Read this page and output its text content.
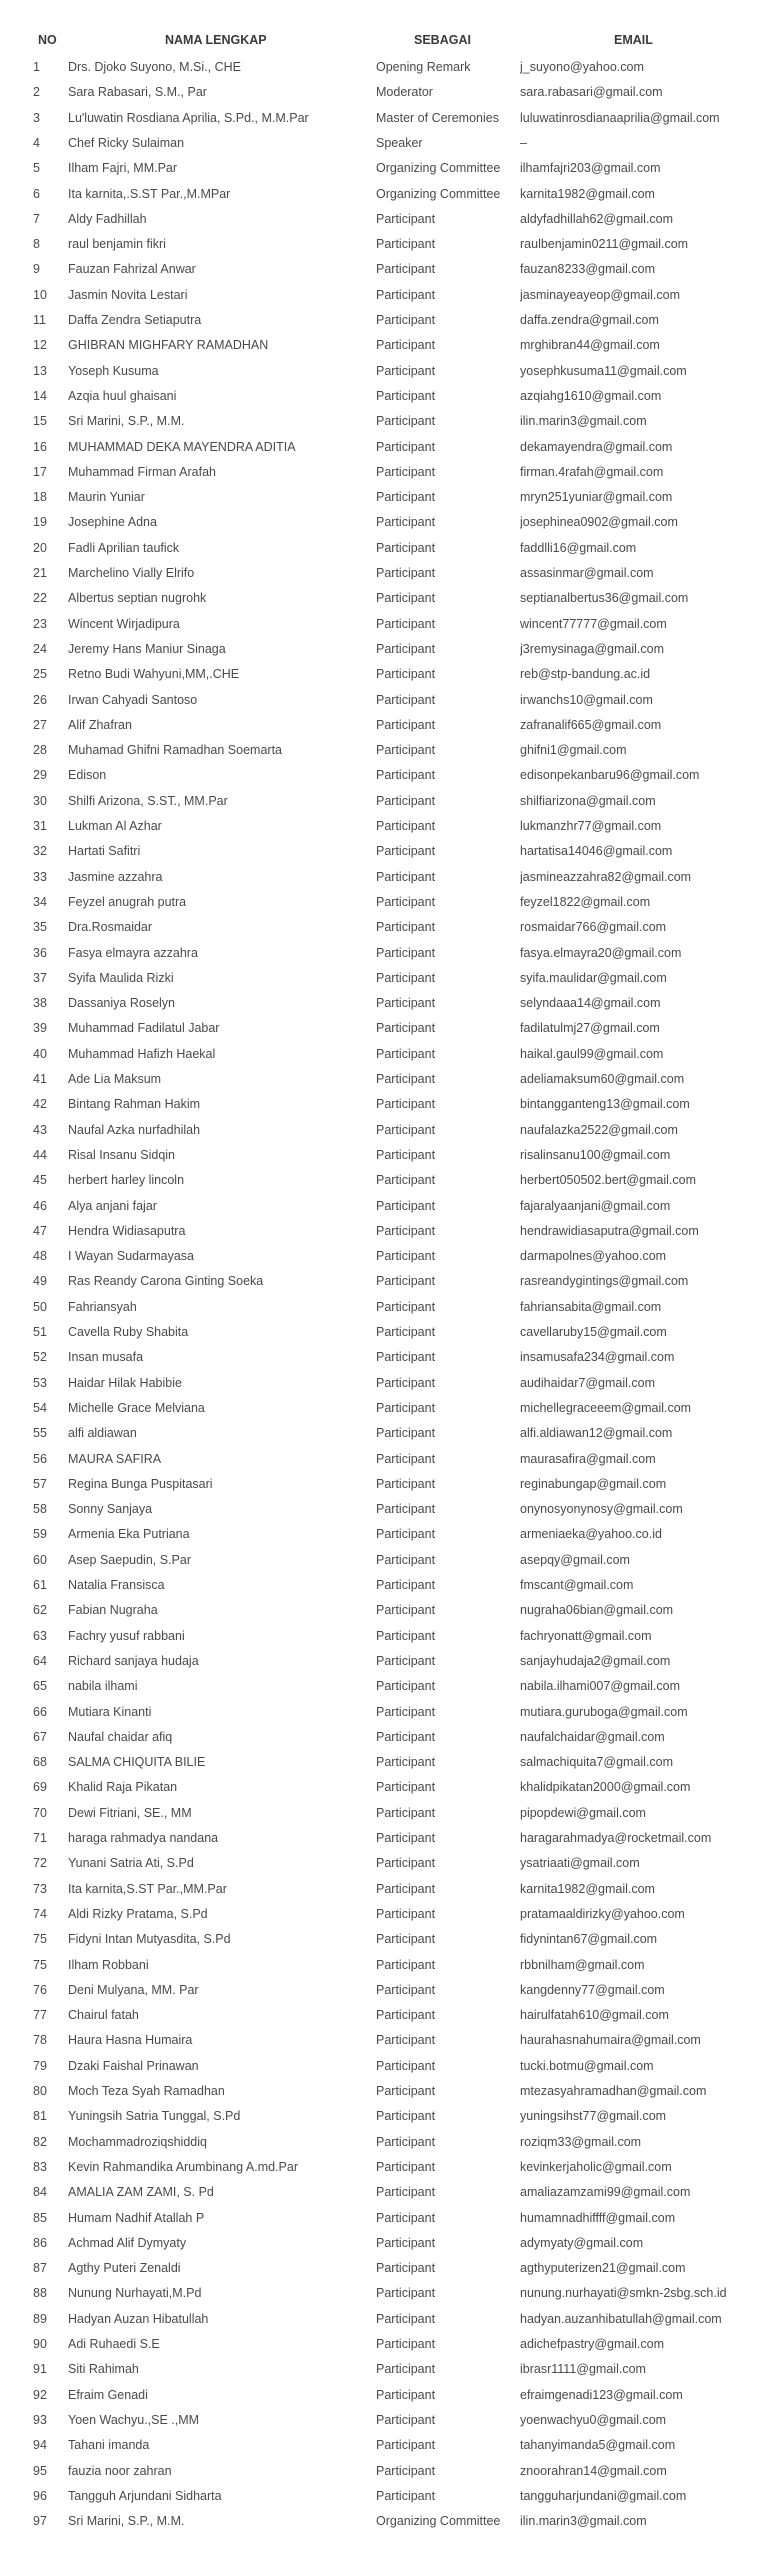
NO	NAMA LENGKAP	SEBAGAI	EMAIL
1	Drs. Djoko Suyono, M.Si., CHE	Opening Remark	j_suyono@yahoo.com
2	Sara Rabasari, S.M., Par	Moderator	sara.rabasari@gmail.com
3	Lu'luwatin Rosdiana Aprilia, S.Pd., M.M.Par	Master of Ceremonies	luluwatinrosdianaaprilia@gmail.com
4	Chef Ricky Sulaiman	Speaker	–
5	Ilham Fajri, MM.Par	Organizing Committee	ilhamfajri203@gmail.com
6	Ita karnita,.S.ST Par.,M.MPar	Organizing Committee	karnita1982@gmail.com
7	Aldy Fadhillah	Participant	aldyfadhillah62@gmail.com
8	raul benjamin fikri	Participant	raulbenjamin0211@gmail.com
9	Fauzan Fahrizal Anwar	Participant	fauzan8233@gmail.com
10	Jasmin Novita Lestari	Participant	jasminayeayeop@gmail.com
11	Daffa Zendra Setiaputra	Participant	daffa.zendra@gmail.com
12	GHIBRAN MIGHFARY RAMADHAN	Participant	mrghibran44@gmail.com
13	Yoseph Kusuma	Participant	yosephkusuma11@gmail.com
14	Azqia huul ghaisani	Participant	azqiahg1610@gmail.com
15	Sri Marini, S.P., M.M.	Participant	ilin.marin3@gmail.com
16	MUHAMMAD DEKA MAYENDRA ADITIA	Participant	dekamayendra@gmail.com
17	Muhammad Firman Arafah	Participant	firman.4rafah@gmail.com
18	Maurin Yuniar	Participant	mryn251yuniar@gmail.com
19	Josephine Adna	Participant	josephinea0902@gmail.com
20	Fadli Aprilian taufick	Participant	faddlli16@gmail.com
21	Marchelino Vially Elrifo	Participant	assasinmar@gmail.com
22	Albertus septian nugrohk	Participant	septianalbertus36@gmail.com
23	Wincent Wirjadipura	Participant	wincent77777@gmail.com
24	Jeremy Hans Maniur Sinaga	Participant	j3remysinaga@gmail.com
25	Retno Budi Wahyuni,MM,.CHE	Participant	reb@stp-bandung.ac.id
26	Irwan Cahyadi Santoso	Participant	irwanchs10@gmail.com
27	Alif Zhafran	Participant	zafranalif665@gmail.com
28	Muhamad Ghifni Ramadhan Soemarta	Participant	ghifni1@gmail.com
29	Edison	Participant	edisonpekanbaru96@gmail.com
30	Shilfi Arizona, S.ST., MM.Par	Participant	shilfiarizona@gmail.com
31	Lukman Al Azhar	Participant	lukmanzhr77@gmail.com
32	Hartati Safitri	Participant	hartatisa14046@gmail.com
33	Jasmine azzahra	Participant	jasmineazzahra82@gmail.com
34	Feyzel anugrah putra	Participant	feyzel1822@gmail.com
35	Dra.Rosmaidar	Participant	rosmaidar766@gmail.com
36	Fasya elmayra azzahra	Participant	fasya.elmayra20@gmail.com
37	Syifa Maulida Rizki	Participant	syifa.maulidar@gmail.com
38	Dassaniya Roselyn	Participant	selyndaaa14@gmail.com
39	Muhammad Fadilatul Jabar	Participant	fadilatulmj27@gmail.com
40	Muhammad Hafizh Haekal	Participant	haikal.gaul99@gmail.com
41	Ade Lia Maksum	Participant	adeliamaksum60@gmail.com
42	Bintang Rahman Hakim	Participant	bintangganteng13@gmail.com
43	Naufal Azka nurfadhilah	Participant	naufalazka2522@gmail.com
44	Risal Insanu Sidqin	Participant	risalinsanu100@gmail.com
45	herbert harley lincoln	Participant	herbert050502.bert@gmail.com
46	Alya anjani fajar	Participant	fajaralyaanjani@gmail.com
47	Hendra Widiasaputra	Participant	hendrawidiasaputra@gmail.com
48	I Wayan Sudarmayasa	Participant	darmapolnes@yahoo.com
49	Ras Reandy Carona Ginting Soeka	Participant	rasreandygintings@gmail.com
50	Fahriansyah	Participant	fahriansabita@gmail.com
51	Cavella Ruby Shabita	Participant	cavellaruby15@gmail.com
52	Insan musafa	Participant	insamusafa234@gmail.com
53	Haidar Hilak Habibie	Participant	audihaidar7@gmail.com
54	Michelle Grace Melviana	Participant	michellegraceeem@gmail.com
55	alfi aldiawan	Participant	alfi.aldiawan12@gmail.com
56	MAURA SAFIRA	Participant	maurasafira@gmail.com
57	Regina Bunga Puspitasari	Participant	reginabungap@gmail.com
58	Sonny Sanjaya	Participant	onynosyonynosy@gmail.com
59	Armenia Eka Putriana	Participant	armeniaeka@yahoo.co.id
60	Asep Saepudin, S.Par	Participant	asepqy@gmail.com
61	Natalia Fransisca	Participant	fmscant@gmail.com
62	Fabian Nugraha	Participant	nugraha06bian@gmail.com
63	Fachry yusuf rabbani	Participant	fachryonatt@gmail.com
64	Richard sanjaya hudaja	Participant	sanjayhudaja2@gmail.com
65	nabila ilhami	Participant	nabila.ilhami007@gmail.com
66	Mutiara Kinanti	Participant	mutiara.guruboga@gmail.com
67	Naufal chaidar afiq	Participant	naufalchaidar@gmail.com
68	SALMA CHIQUITA BILIE	Participant	salmachiquita7@gmail.com
69	Khalid Raja Pikatan	Participant	khalidpikatan2000@gmail.com
70	Dewi Fitriani, SE., MM	Participant	pipopdewi@gmail.com
71	haraga rahmadya nandana	Participant	haragarahmadya@rocketmail.com
72	Yunani Satria Ati, S.Pd	Participant	ysatriaati@gmail.com
73	Ita karnita,S.ST Par.,MM.Par	Participant	karnita1982@gmail.com
74	Aldi Rizky Pratama, S.Pd	Participant	pratamaaldirizky@yahoo.com
75	Fidyni Intan Mutyasdita, S.Pd	Participant	fidynintan67@gmail.com
75	Ilham Robbani	Participant	rbbnilham@gmail.com
76	Deni Mulyana, MM. Par	Participant	kangdenny77@gmail.com
77	Chairul fatah	Participant	hairulfatah610@gmail.com
78	Haura Hasna Humaira	Participant	haurahasnahumaira@gmail.com
79	Dzaki Faishal Prinawan	Participant	tucki.botmu@gmail.com
80	Moch Teza Syah Ramadhan	Participant	mtezasyahramadhan@gmail.com
81	Yuningsih Satria Tunggal, S.Pd	Participant	yuningsihst77@gmail.com
82	Mochammadroziqshiddiq	Participant	roziqm33@gmail.com
83	Kevin Rahmandika Arumbinang A.md.Par	Participant	kevinkerjaholic@gmail.com
84	AMALIA ZAM ZAMI, S. Pd	Participant	amaliazamzami99@gmail.com
85	Humam Nadhif Atallah P	Participant	humamnadhiffff@gmail.com
86	Achmad Alif Dymyaty	Participant	adymyaty@gmail.com
87	Agthy Puteri Zenaldi	Participant	agthyputerizen21@gmail.com
88	Nunung Nurhayati,M.Pd	Participant	nunung.nurhayati@smkn-2sbg.sch.id
89	Hadyan Auzan Hibatullah	Participant	hadyan.auzanhibatullah@gmail.com
90	Adi Ruhaedi S.E	Participant	adichefpastry@gmail.com
91	Siti Rahimah	Participant	ibrasr1111@gmail.com
92	Efraim Genadi	Participant	efraimgenadi123@gmail.com
93	Yoen Wachyu.,SE .,MM	Participant	yoenwachyu0@gmail.com
94	Tahani imanda	Participant	tahanyimanda5@gmail.com
95	fauzia noor zahran	Participant	znoorahran14@gmail.com
96	Tangguh Arjundani Sidharta	Participant	tangguharjundani@gmail.com
97	Sri Marini, S.P., M.M.	Organizing Committee	ilin.marin3@gmail.com
